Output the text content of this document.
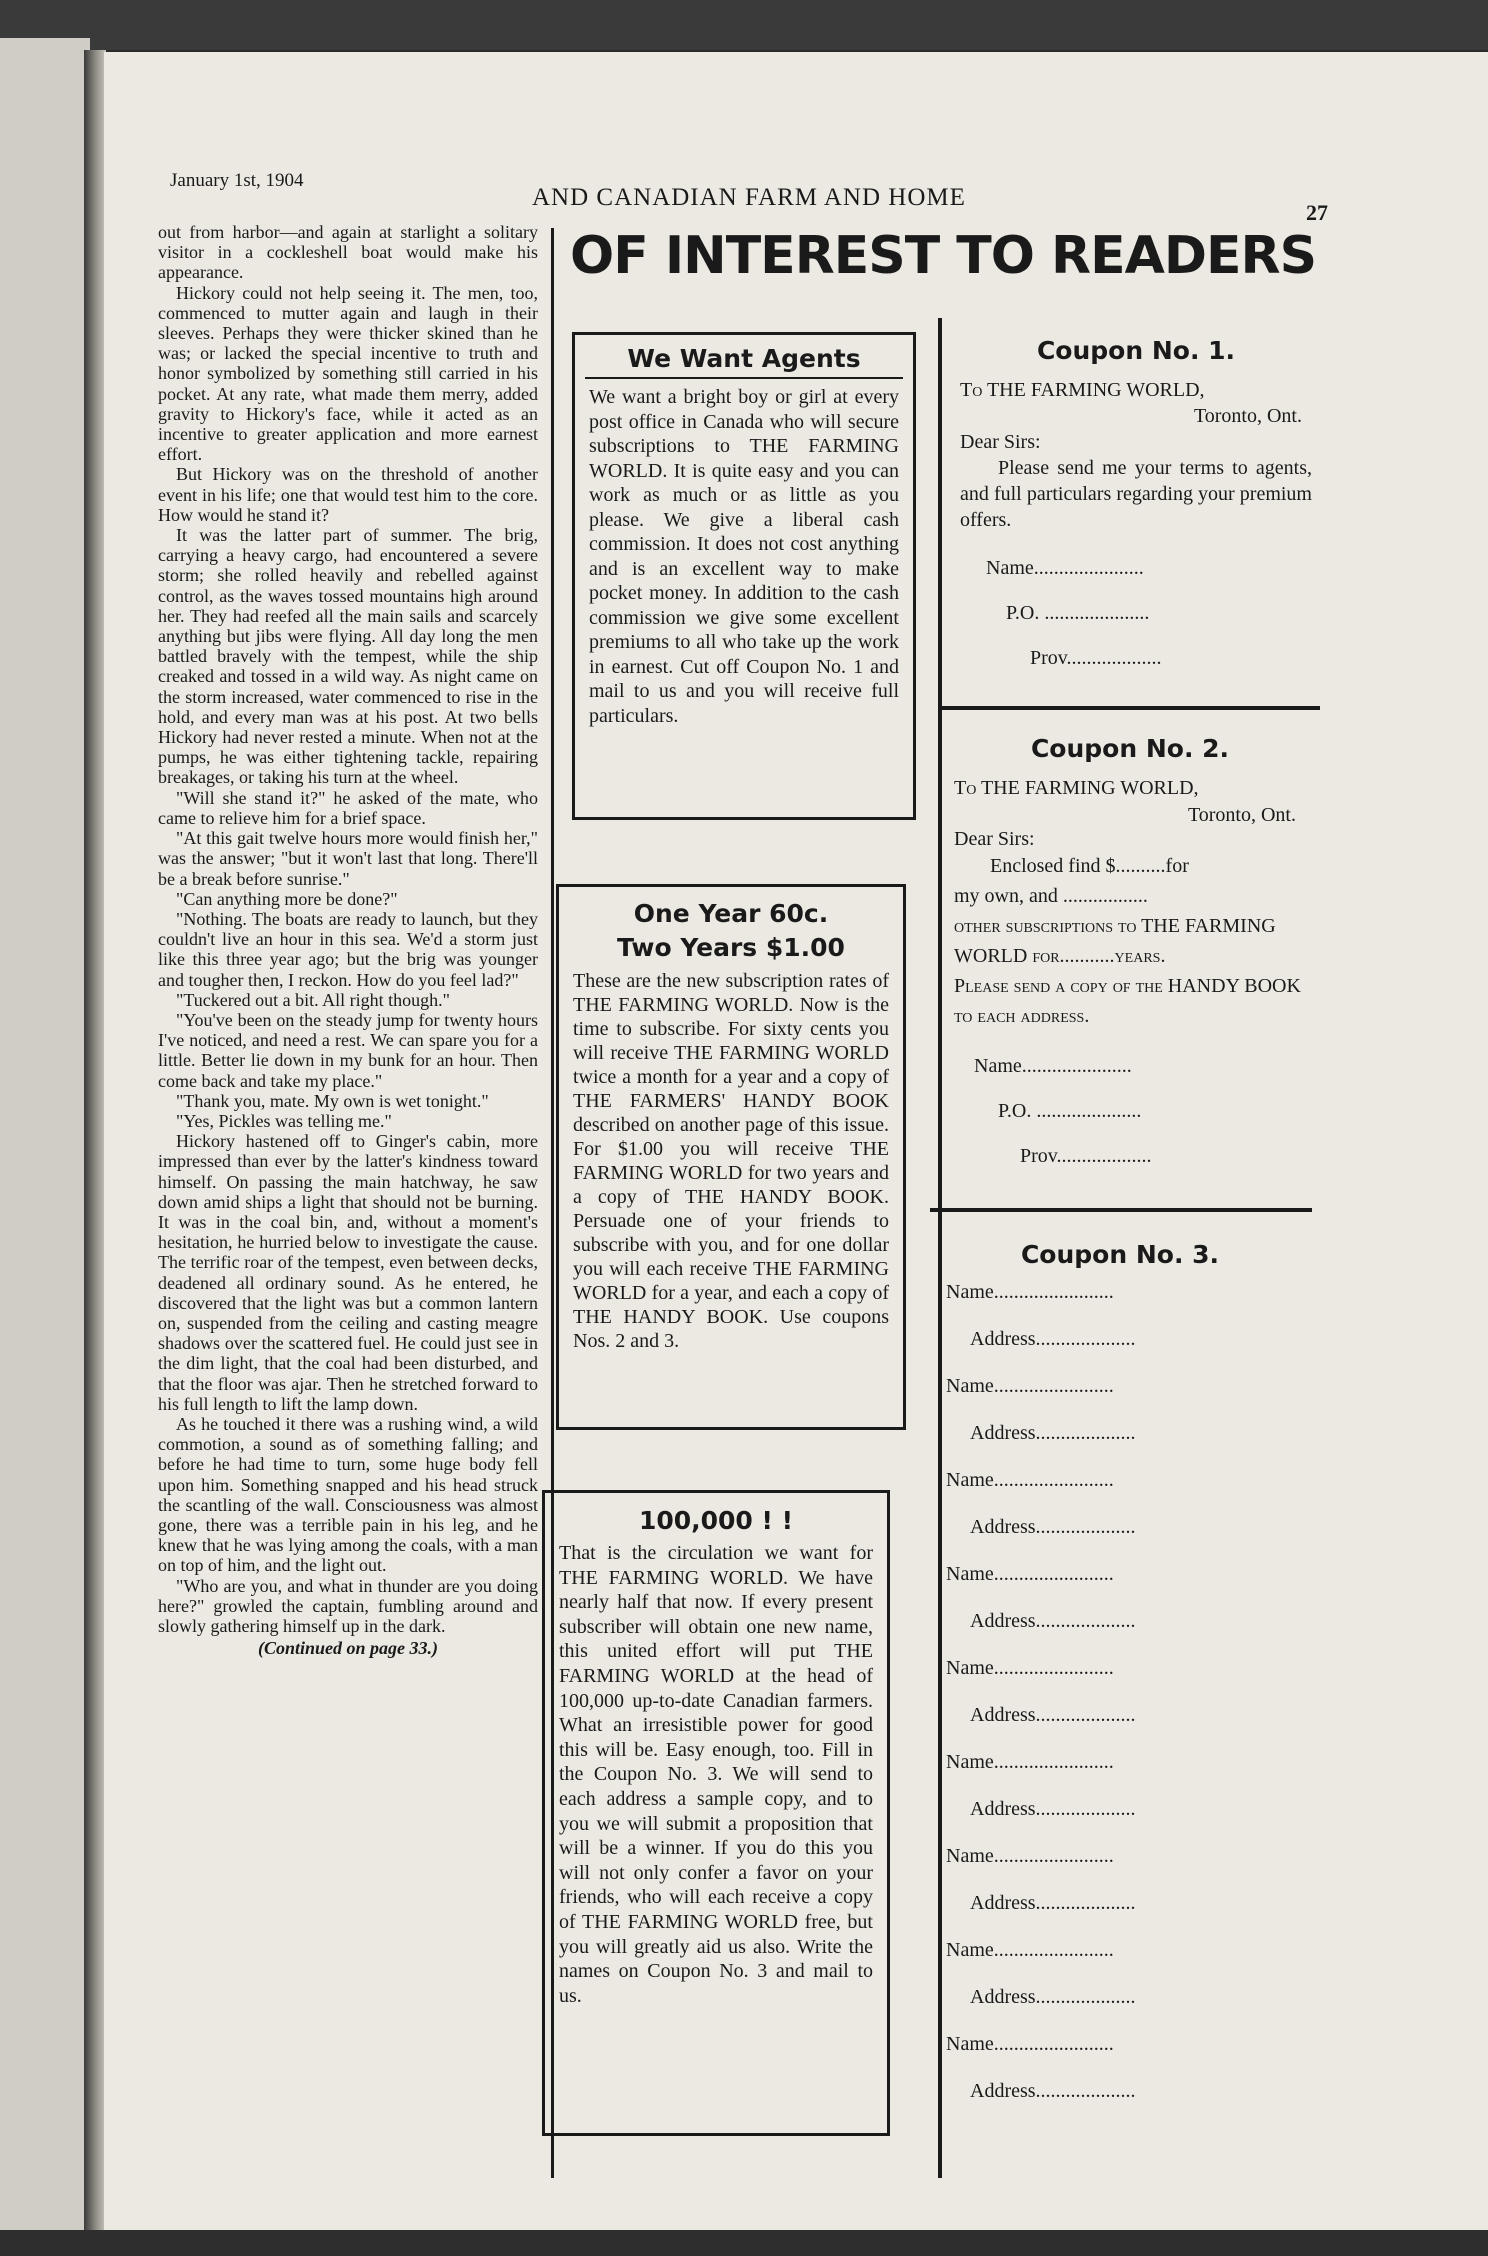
January 1st, 1904
AND CANADIAN FARM AND HOME
27

out from harbor—and again at starlight a solitary visitor in a cockleshell boat would make his appearance.

Hickory could not help seeing it. The men, too, commenced to mutter again and laugh in their sleeves. Perhaps they were thicker skined than he was; or lacked the special incentive to truth and honor symbolized by something still carried in his pocket. At any rate, what made them merry, added gravity to Hickory's face, while it acted as an incentive to greater application and more earnest effort.

But Hickory was on the threshold of another event in his life; one that would test him to the core. How would he stand it?

It was the latter part of summer. The brig, carrying a heavy cargo, had encountered a severe storm; she rolled heavily and rebelled against control, as the waves tossed mountains high around her. They had reefed all the main sails and scarcely anything but jibs were flying. All day long the men battled bravely with the tempest, while the ship creaked and tossed in a wild way. As night came on the storm increased, water commenced to rise in the hold, and every man was at his post. At two bells Hickory had never rested a minute. When not at the pumps, he was either tightening tackle, repairing breakages, or taking his turn at the wheel.

"Will she stand it?" he asked of the mate, who came to relieve him for a brief space.

"At this gait twelve hours more would finish her," was the answer; "but it won't last that long. There'll be a break before sunrise."

"Can anything more be done?"

"Nothing. The boats are ready to launch, but they couldn't live an hour in this sea. We'd a storm just like this three year ago; but the brig was younger and tougher then, I reckon. How do you feel lad?"

"Tuckered out a bit. All right though."

"You've been on the steady jump for twenty hours I've noticed, and need a rest. We can spare you for a little. Better lie down in my bunk for an hour. Then come back and take my place."

"Thank you, mate. My own is wet tonight."

"Yes, Pickles was telling me."

Hickory hastened off to Ginger's cabin, more impressed than ever by the latter's kindness toward himself. On passing the main hatchway, he saw down amid ships a light that should not be burning. It was in the coal bin, and, without a moment's hesitation, he hurried below to investigate the cause. The terrific roar of the tempest, even between decks, deadened all ordinary sound. As he entered, he discovered that the light was but a common lantern on, suspended from the ceiling and casting meagre shadows over the scattered fuel. He could just see in the dim light, that the coal had been disturbed, and that the floor was ajar. Then he stretched forward to his full length to lift the lamp down.

As he touched it there was a rushing wind, a wild commotion, a sound as of something falling; and before he had time to turn, some huge body fell upon him. Something snapped and his head struck the scantling of the wall. Consciousness was almost gone, there was a terrible pain in his leg, and he knew that he was lying among the coals, with a man on top of him, and the light out.

"Who are you, and what in thunder are you doing here?" growled the captain, fumbling around and slowly gathering himself up in the dark.

(Continued on page 33.)

OF INTEREST TO READERS
We Want Agents
We want a bright boy or girl at every post office in Canada who will secure subscriptions to THE FARMING WORLD. It is quite easy and you can work as much or as little as you please. We give a liberal cash commission. It does not cost anything and is an excellent way to make pocket money. In addition to the cash commission we give some excellent premiums to all who take up the work in earnest. Cut off Coupon No. 1 and mail to us and you will receive full particulars.
One Year 60c.
Two Years $1.00
These are the new subscription rates of THE FARMING WORLD. Now is the time to subscribe. For sixty cents you will receive THE FARMING WORLD twice a month for a year and a copy of THE FARMERS' HANDY BOOK described on another page of this issue. For $1.00 you will receive THE FARMING WORLD for two years and a copy of THE HANDY BOOK. Persuade one of your friends to subscribe with you, and for one dollar you will each receive THE FARMING WORLD for a year, and each a copy of THE HANDY BOOK. Use coupons Nos. 2 and 3.
100,000 ! !
That is the circulation we want for THE FARMING WORLD. We have nearly half that now. If every present subscriber will obtain one new name, this united effort will put THE FARMING WORLD at the head of 100,000 up-to-date Canadian farmers. What an irresistible power for good this will be. Easy enough, too. Fill in the Coupon No. 3. We will send to each address a sample copy, and to you we will submit a proposition that will be a winner. If you do this you will not only confer a favor on your friends, who will each receive a copy of THE FARMING WORLD free, but you will greatly aid us also. Write the names on Coupon No. 3 and mail to us.
Coupon No. 1.
To THE FARMING WORLD,
Toronto, Ont.
Dear Sirs:
Please send me your terms to agents, and full particulars regarding your premium offers.
Name......................
P.O. .....................
Prov...................
Coupon No. 2.
To THE FARMING WORLD,
Toronto, Ont.
Dear Sirs:
Enclosed find $..........for
my own, and .................
other subscriptions to THE FARMING WORLD for...........years.
Please send a copy of the HANDY BOOK to each address.
Name......................
P.O. .....................
Prov...................
Coupon No. 3.
Name........................
Address....................
Name........................
Address....................
Name........................
Address....................
Name........................
Address....................
Name........................
Address....................
Name........................
Address....................
Name........................
Address....................
Name........................
Address....................
Name........................
Address....................
